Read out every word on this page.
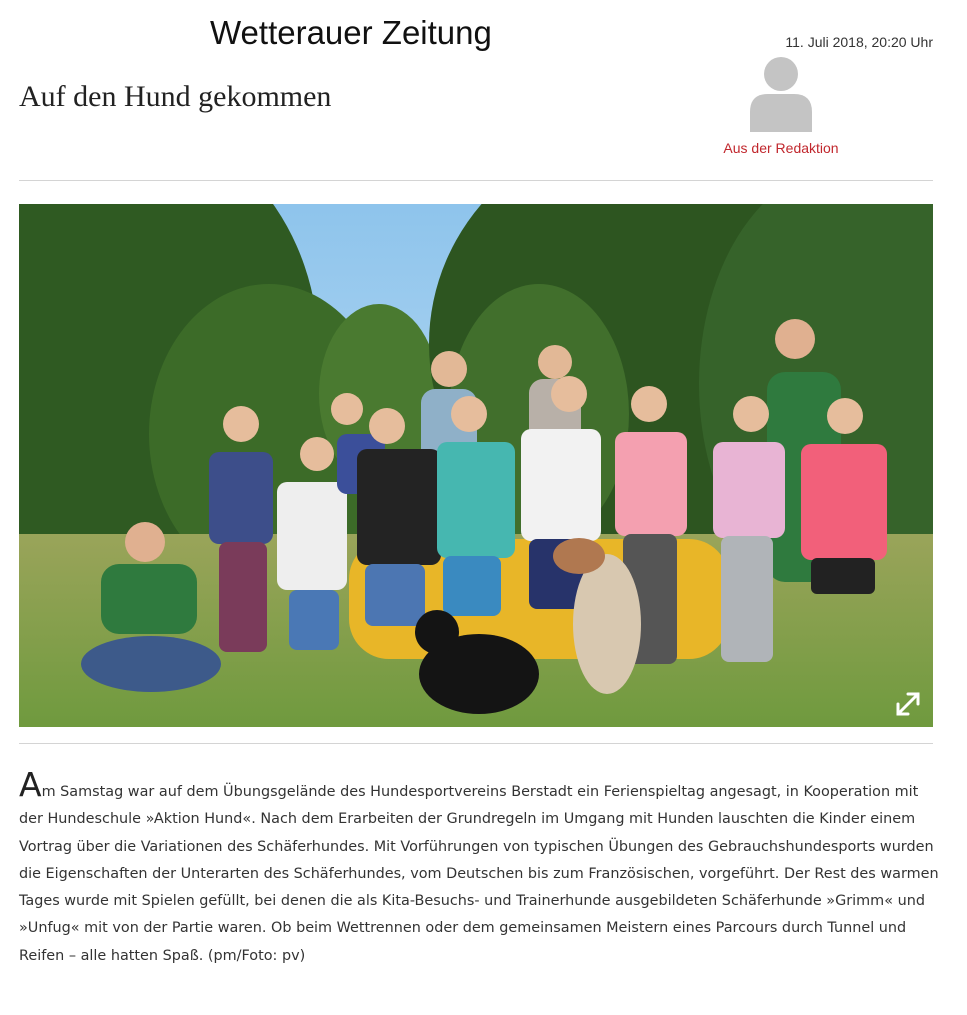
Wetterauer Zeitung	11. Juli 2018, 20:20 Uhr
Auf den Hund gekommen
Aus der Redaktion

Am Samstag war auf dem Übungsgelände des Hundesportvereins Berstadt ein Ferienspieltag angesagt, in Kooperation mit der Hundeschule »Aktion Hund«. Nach dem Erarbeiten der Grundregeln im Umgang mit Hunden lauschten die Kinder einem Vortrag über die Variationen des Schäferhundes. Mit Vorführungen von typischen Übungen des Gebrauchshundesports wurden die Eigenschaften der Unterarten des Schäferhundes, vom Deutschen bis zum Französischen, vorgeführt. Der Rest des warmen Tages wurde mit Spielen gefüllt, bei denen die als Kita-Besuchs- und Trainerhunde ausgebildeten Schäferhunde »Grimm« und »Unfug« mit von der Partie waren. Ob beim Wettrennen oder dem gemeinsamen Meistern eines Parcours durch Tunnel und Reifen – alle hatten Spaß. (pm/Foto: pv)
